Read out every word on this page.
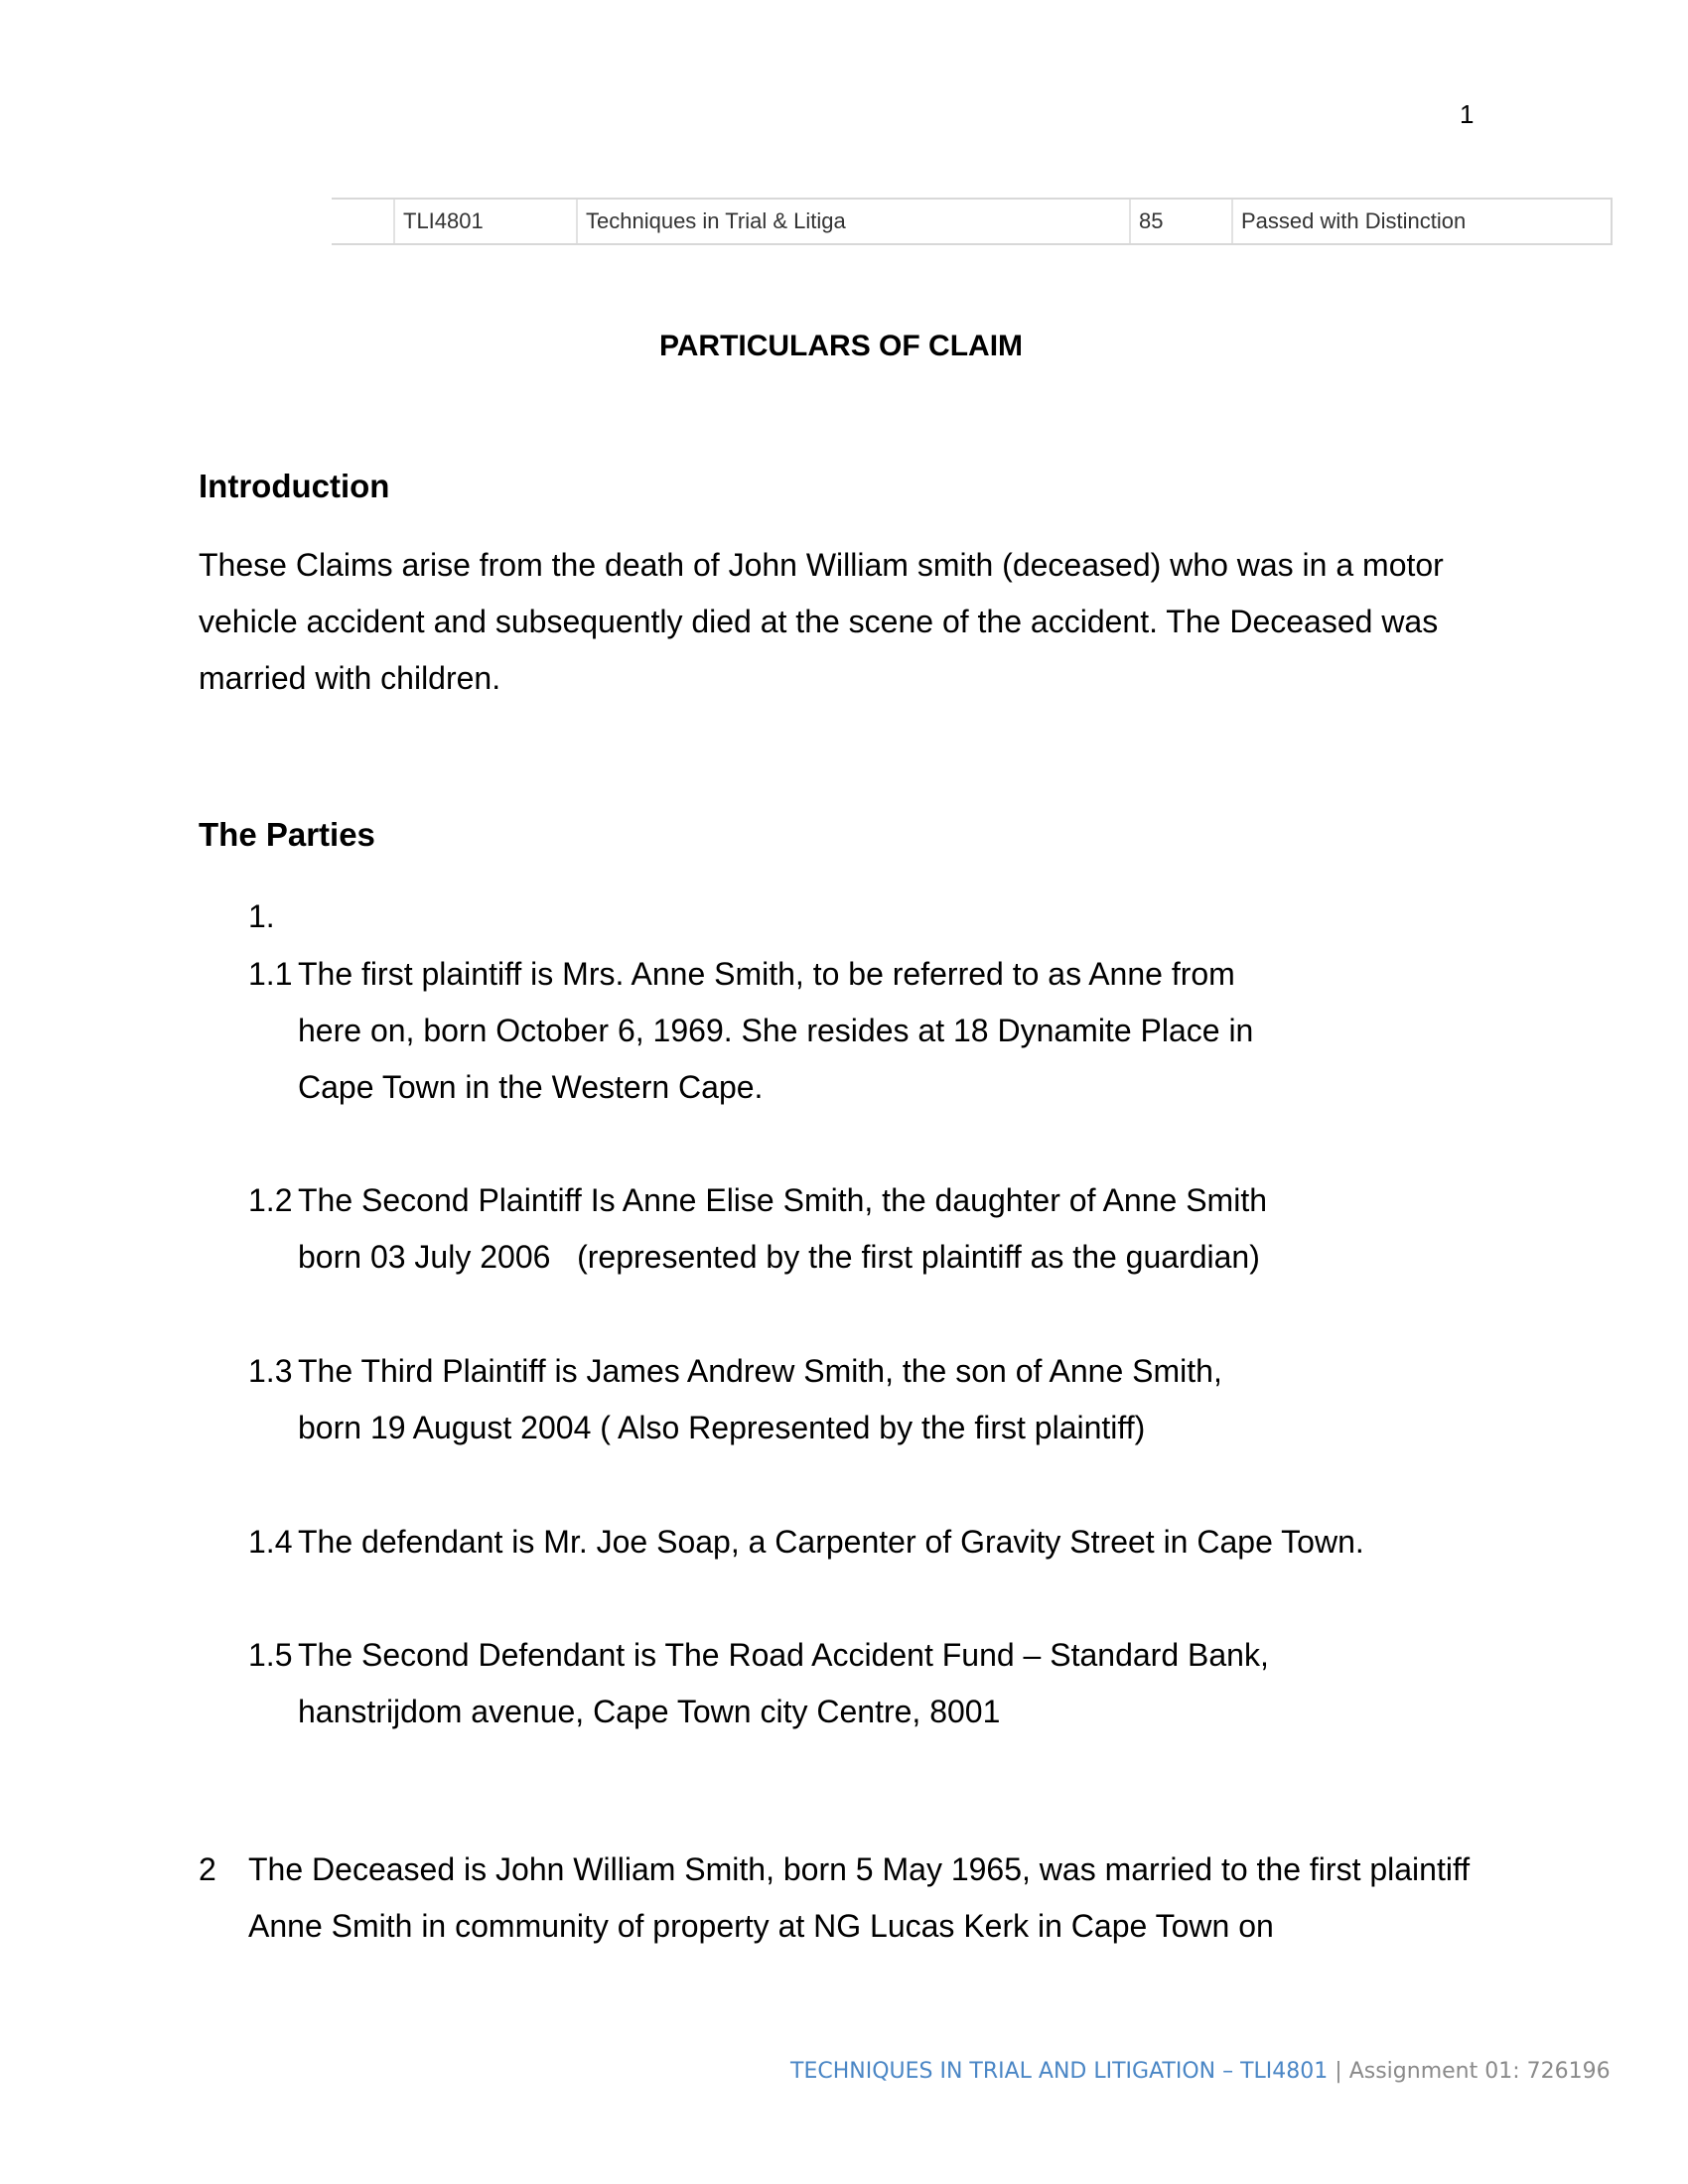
1
	TLI4801	Techniques in Trial & Litiga	85	Passed with Distinction
PARTICULARS OF CLAIM
Introduction
These Claims arise from the death of John William smith (deceased) who was in a motor vehicle accident and subsequently died at the scene of the accident. The Deceased was married with children.
The Parties
1.
1.1 The first plaintiff is Mrs. Anne Smith, to be referred to as Anne from here on, born October 6, 1969. She resides at 18 Dynamite Place in Cape Town in the Western Cape.
1.2 The Second Plaintiff Is Anne Elise Smith, the daughter of Anne Smith born 03 July 2006   (represented by the first plaintiff as the guardian)
1.3 The Third Plaintiff is James Andrew Smith, the son of Anne Smith, born 19 August 2004 ( Also Represented by the first plaintiff)
1.4 The defendant is Mr. Joe Soap, a Carpenter of Gravity Street in Cape Town.
1.5 The Second Defendant is The Road Accident Fund – Standard Bank, hanstrijdom avenue, Cape Town city Centre, 8001
2 The Deceased is John William Smith, born 5 May 1965, was married to the first plaintiff Anne Smith in community of property at NG Lucas Kerk in Cape Town on
TECHNIQUES IN TRIAL AND LITIGATION – TLI4801 | Assignment 01: 726196
